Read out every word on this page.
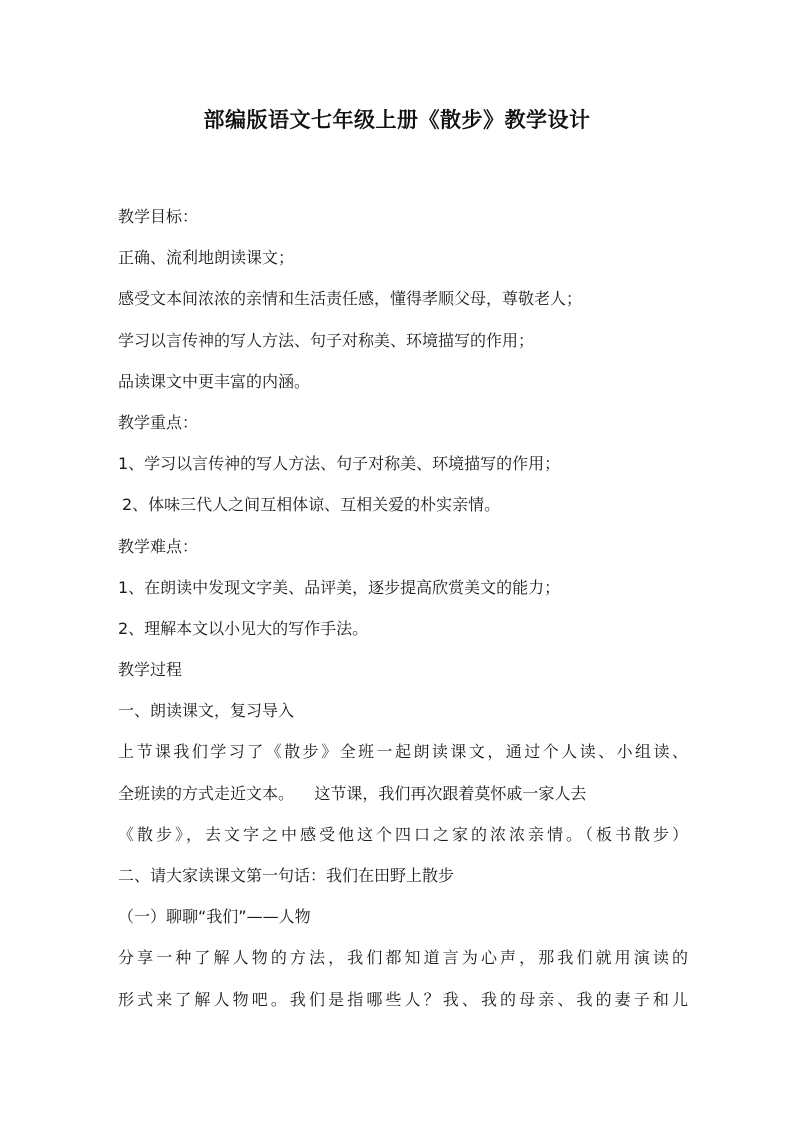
部编版语文七年级上册《散步》教学设计
教学目标：
正确、流利地朗读课文；
感受文本间浓浓的亲情和生活责任感，懂得孝顺父母，尊敬老人；
学习以言传神的写人方法、句子对称美、环境描写的作用；
品读课文中更丰富的内涵。
教学重点：
1、学习以言传神的写人方法、句子对称美、环境描写的作用；
2、体味三代人之间互相体谅、互相关爱的朴实亲情。
教学难点：
1、在朗读中发现文字美、品评美，逐步提高欣赏美文的能力；
2、理解本文以小见大的写作手法。
教学过程
一、朗读课文，复习导入
上节课我们学习了《散步》全班一起朗读课文，通过个人读、小组读、
全班读的方式走近文本。    这节课，我们再次跟着莫怀戚一家人去
《散步》，去文字之中感受他这个四口之家的浓浓亲情。（板书散步）
二、请大家读课文第一句话：我们在田野上散步
（一）聊聊“我们”——人物
分享一种了解人物的方法，我们都知道言为心声，那我们就用演读的
形式来了解人物吧。我们是指哪些人？我、我的母亲、我的妻子和儿
